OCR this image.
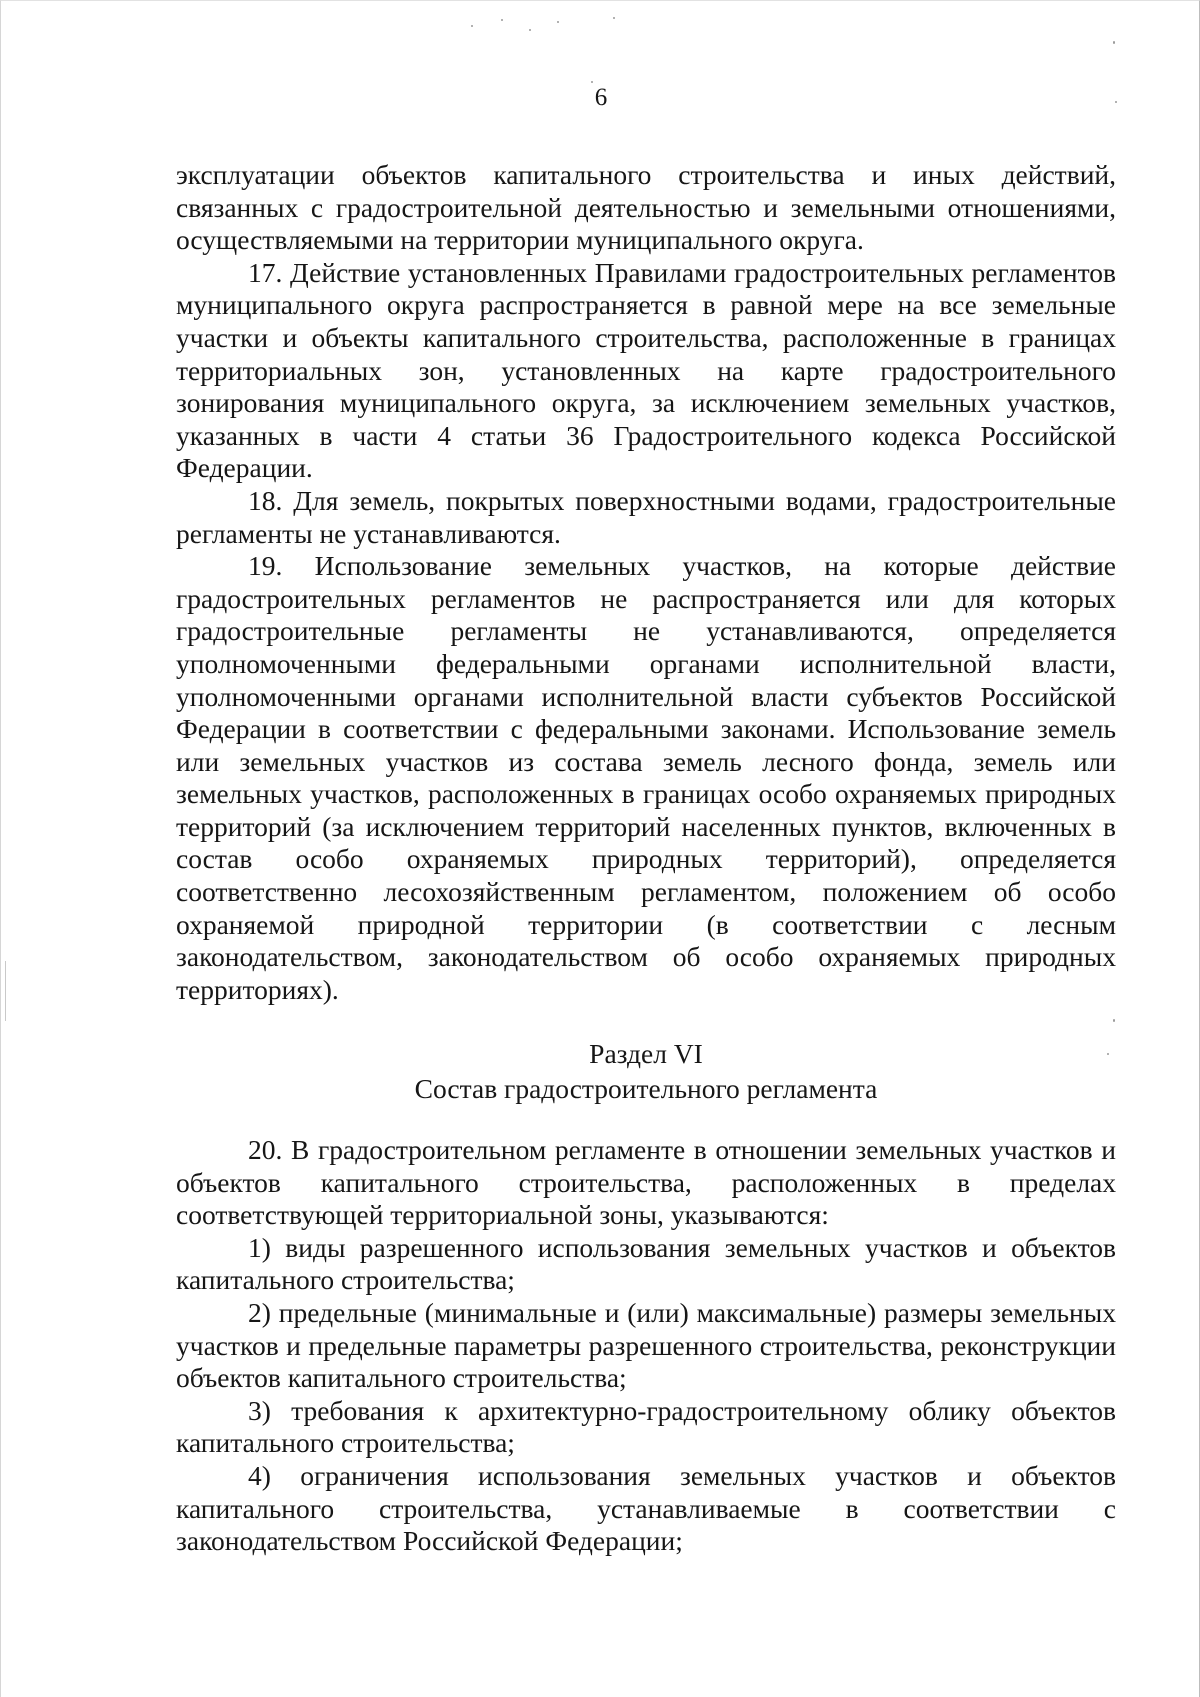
6

эксплуатации объектов капитального строительства и иных действий, связанных с градостроительной деятельностью и земельными отношениями, осуществляемыми на территории муниципального округа.

17. Действие установленных Правилами градостроительных регламентов муниципального округа распространяется в равной мере на все земельные участки и объекты капитального строительства, расположенные в границах территориальных зон, установленных на карте градостроительного зонирования муниципального округа, за исключением земельных участков, указанных в части 4 статьи 36 Градостроительного кодекса Российской Федерации.

18. Для земель, покрытых поверхностными водами, градостроительные регламенты не устанавливаются.

19. Использование земельных участков, на которые действие градостроительных регламентов не распространяется или для которых градостроительные регламенты не устанавливаются, определяется уполномоченными федеральными органами исполнительной власти, уполномоченными органами исполнительной власти субъектов Российской Федерации в соответствии с федеральными законами. Использование земель или земельных участков из состава земель лесного фонда, земель или земельных участков, расположенных в границах особо охраняемых природных территорий (за исключением территорий населенных пунктов, включенных в состав особо охраняемых природных территорий), определяется соответственно лесохозяйственным регламентом, положением об особо охраняемой природной территории (в соответствии с лесным законодательством, законодательством об особо охраняемых природных территориях).

Раздел VI
Состав градостроительного регламента

20. В градостроительном регламенте в отношении земельных участков и объектов капитального строительства, расположенных в пределах соответствующей территориальной зоны, указываются:

1) виды разрешенного использования земельных участков и объектов капитального строительства;

2) предельные (минимальные и (или) максимальные) размеры земельных участков и предельные параметры разрешенного строительства, реконструкции объектов капитального строительства;

3) требования к архитектурно-градостроительному облику объектов капитального строительства;

4) ограничения использования земельных участков и объектов капитального строительства, устанавливаемые в соответствии с законодательством Российской Федерации;
